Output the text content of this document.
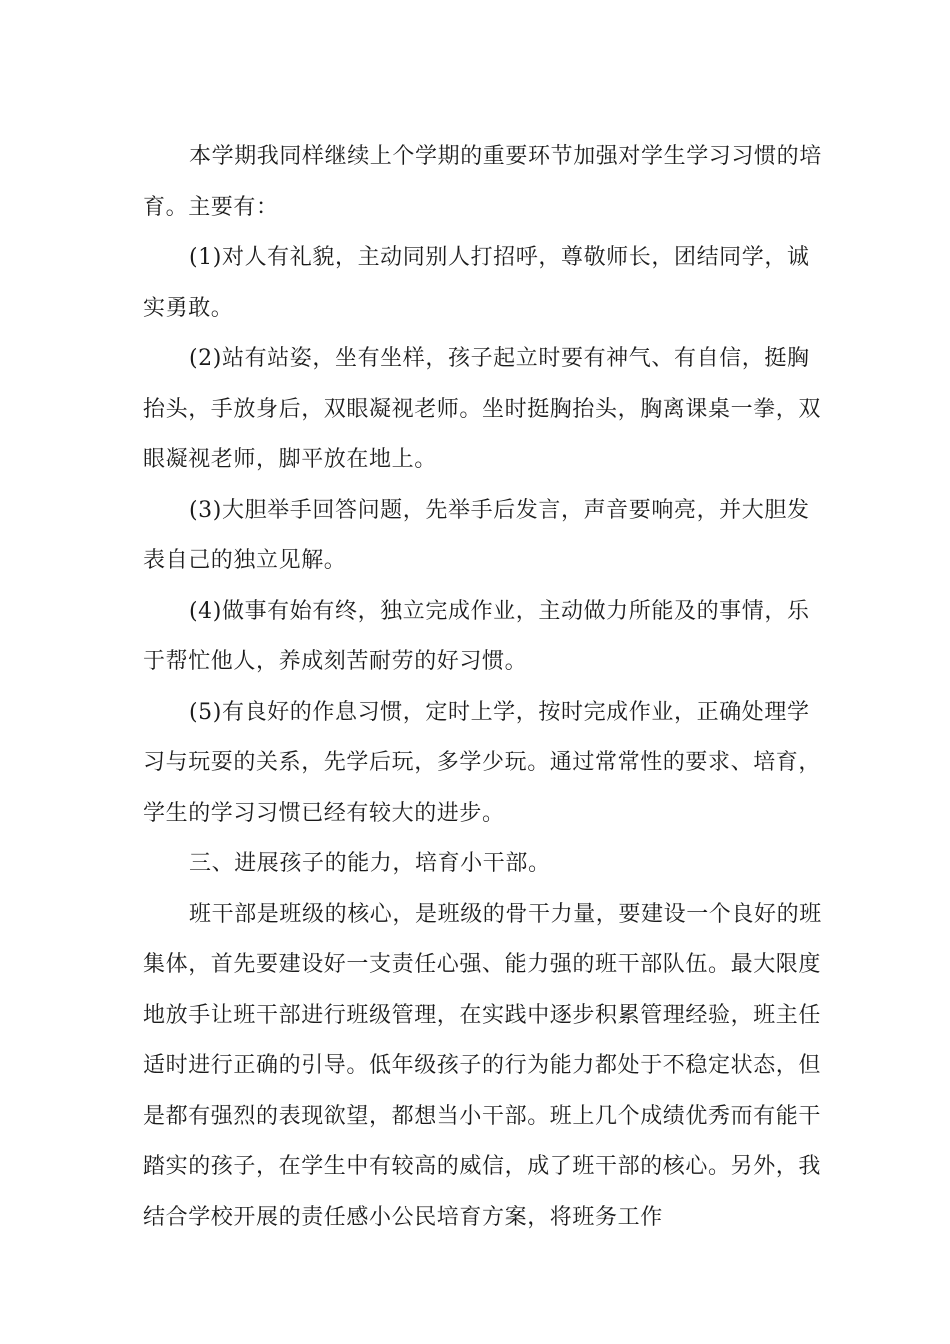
本学期我同样继续上个学期的重要环节加强对学生学习习惯的培育。主要有：

(1)对人有礼貌，主动同别人打招呼，尊敬师长，团结同学，诚实勇敢。

(2)站有站姿，坐有坐样，孩子起立时要有神气、有自信，挺胸抬头，手放身后，双眼凝视老师。坐时挺胸抬头，胸离课桌一拳，双眼凝视老师，脚平放在地上。

(3)大胆举手回答问题，先举手后发言，声音要响亮，并大胆发表自己的独立见解。

(4)做事有始有终，独立完成作业，主动做力所能及的事情，乐于帮忙他人，养成刻苦耐劳的好习惯。

(5)有良好的作息习惯，定时上学，按时完成作业，正确处理学习与玩耍的关系，先学后玩，多学少玩。通过常常性的要求、培育，学生的学习习惯已经有较大的进步。

三、进展孩子的能力，培育小干部。

班干部是班级的核心，是班级的骨干力量，要建设一个良好的班集体，首先要建设好一支责任心强、能力强的班干部队伍。最大限度地放手让班干部进行班级管理，在实践中逐步积累管理经验，班主任适时进行正确的引导。低年级孩子的行为能力都处于不稳定状态，但是都有强烈的表现欲望，都想当小干部。班上几个成绩优秀而有能干踏实的孩子，在学生中有较高的威信，成了班干部的核心。另外，我结合学校开展的责任感小公民培育方案，将班务工作
